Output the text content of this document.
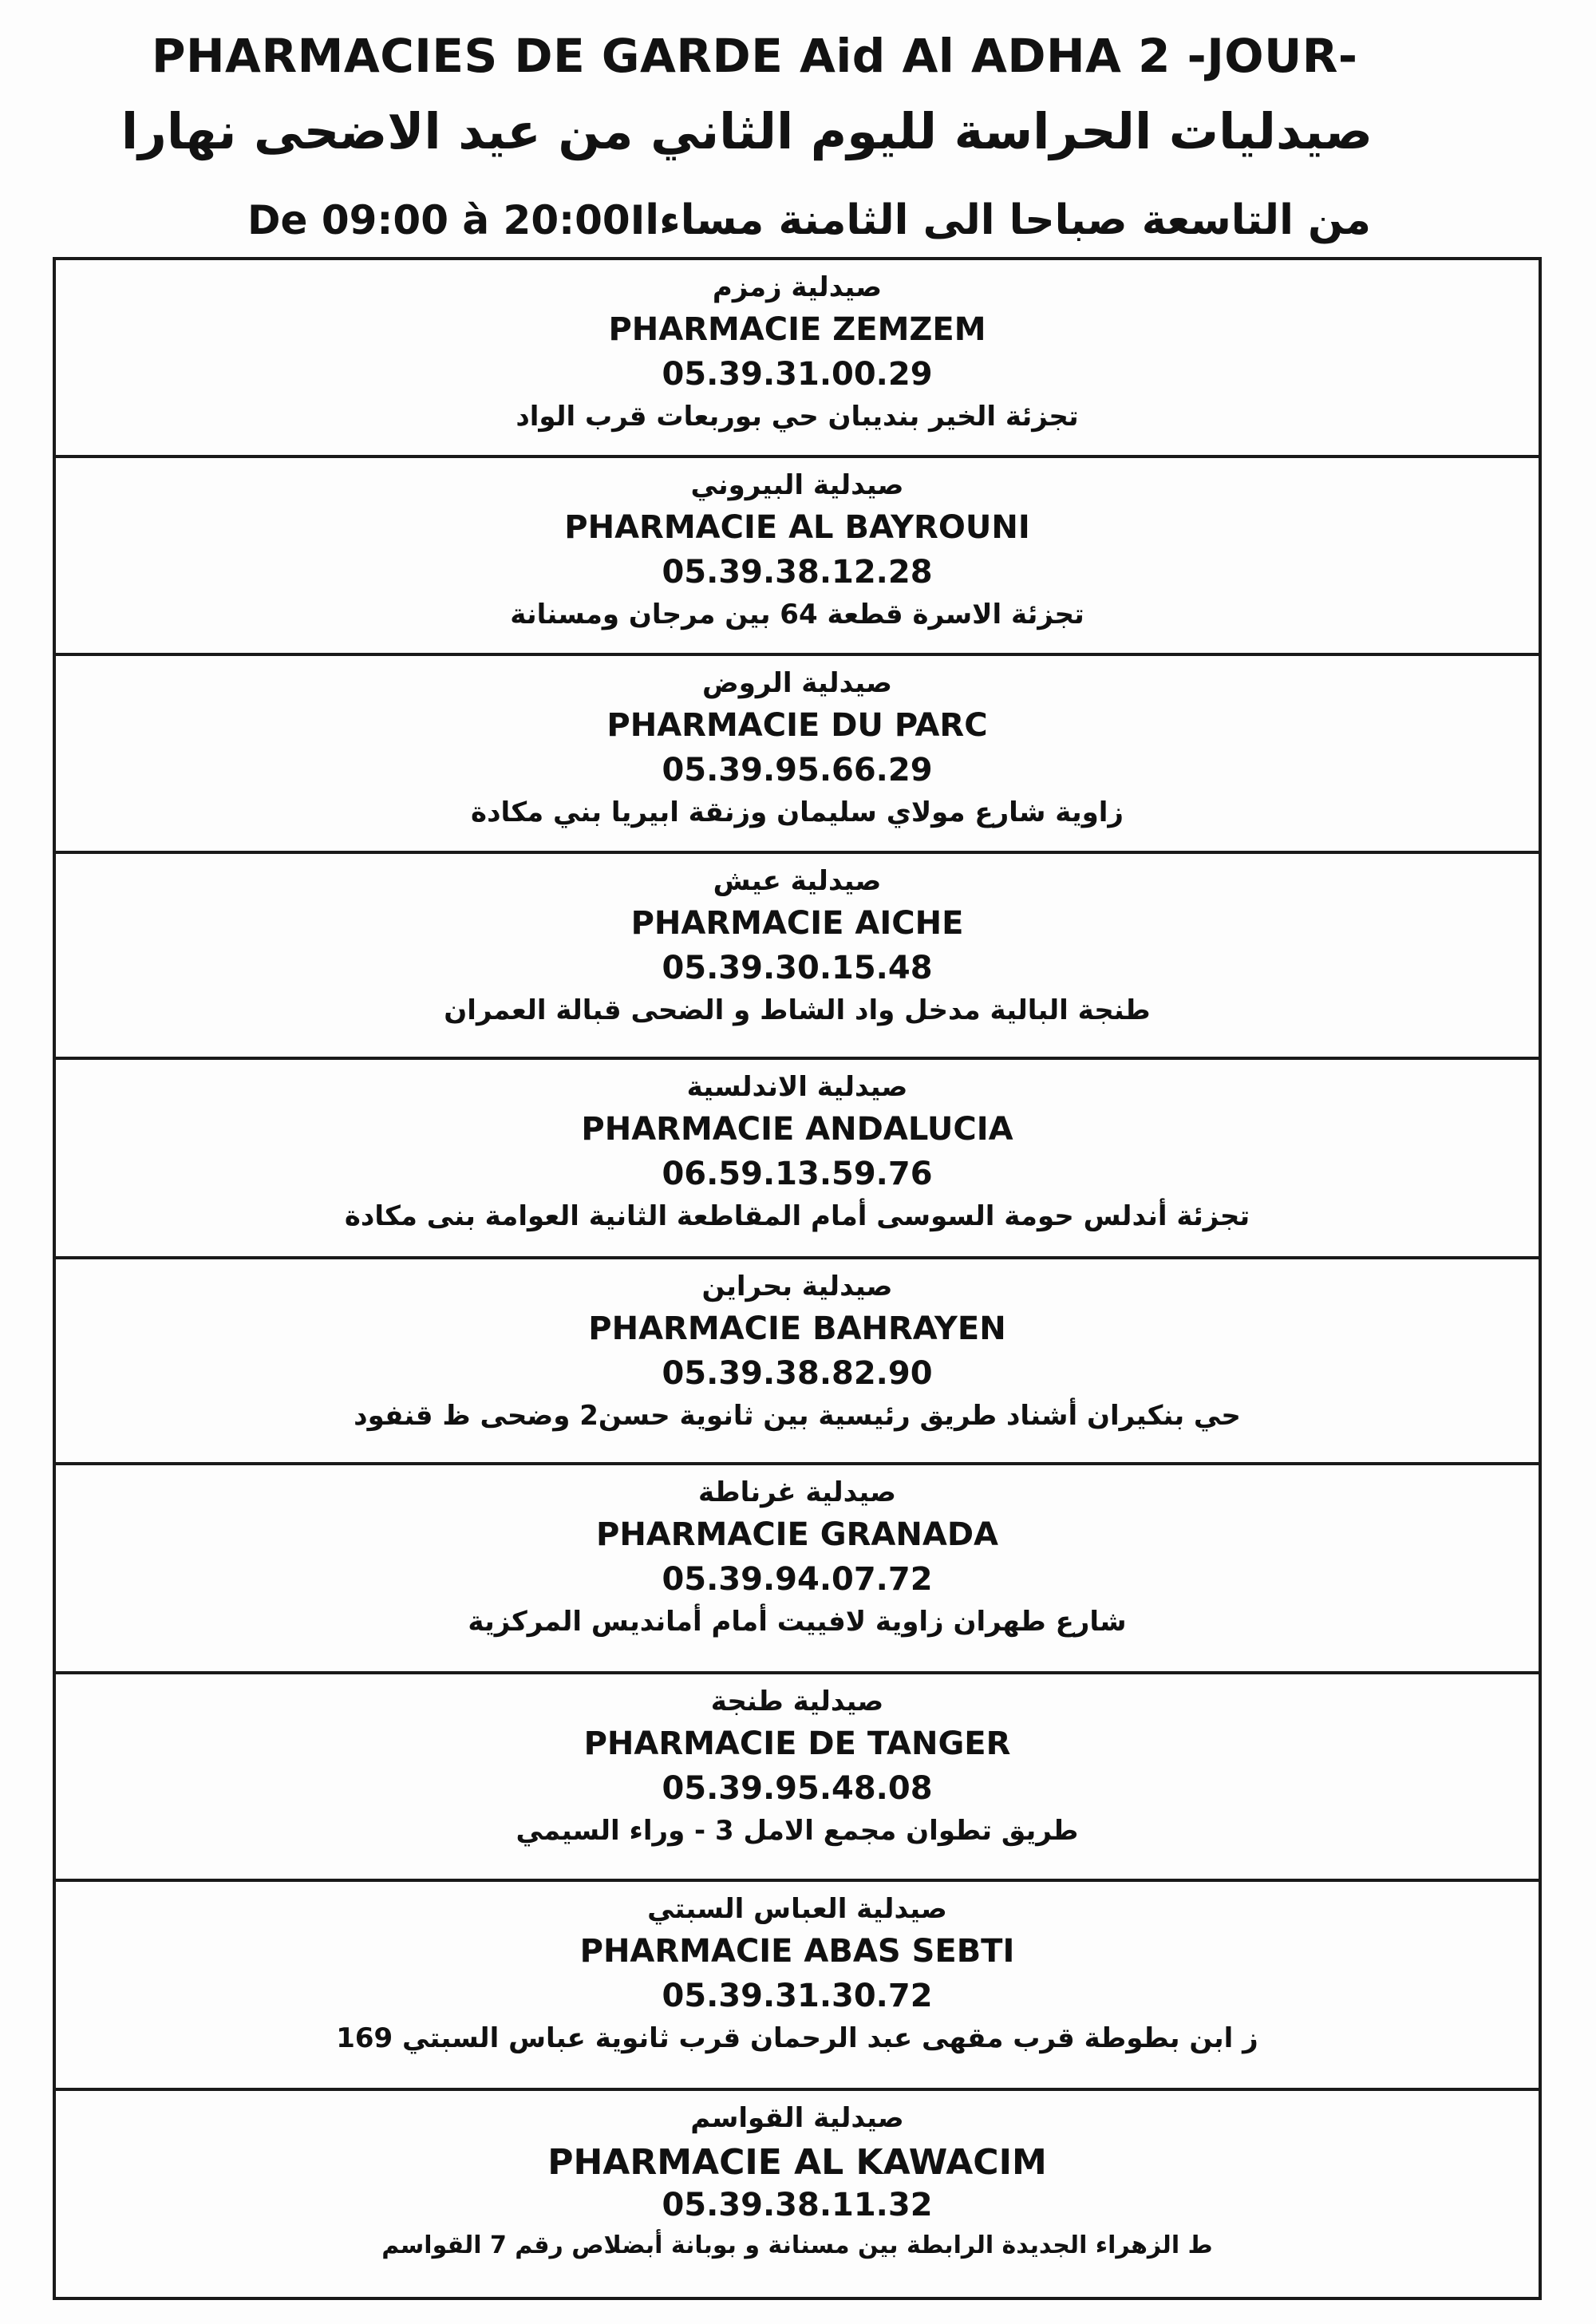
PHARMACIES DE GARDE Aid Al ADHA 2 -JOUR-
صيدليات الحراسة لليوم الثاني من عيد الاضحى نهارا
De 09:00 à 20:00 I من التاسعة صباحا الى الثامنة مساءا
صيدلية زمزم
PHARMACIE ZEMZEM
05.39.31.00.29
تجزئة الخير بنديبان حي بوربعات قرب الواد
صيدلية البيروني
PHARMACIE AL BAYROUNI
05.39.38.12.28
تجزئة الاسرة قطعة 64 بين مرجان ومسنانة
صيدلية الروض
PHARMACIE DU PARC
05.39.95.66.29
زاوية شارع مولاي سليمان وزنقة ابيريا بني مكادة
صيدلية عيش
PHARMACIE AICHE
05.39.30.15.48
طنجة البالية مدخل واد الشاط و الضحى قبالة العمران
صيدلية الاندلسية
PHARMACIE ANDALUCIA
06.59.13.59.76
تجزئة أندلس حومة السوسى أمام المقاطعة الثانية العوامة بنى مكادة
صيدلية بحراين
PHARMACIE BAHRAYEN
05.39.38.82.90
حي بنكيران أشناد طريق رئيسية بين ثانوية حسن2 وضحى ظ قنفود
صيدلية غرناطة
PHARMACIE GRANADA
05.39.94.07.72
شارع طهران زاوية لافييت أمام أمانديس المركزية
صيدلية طنجة
PHARMACIE DE TANGER
05.39.95.48.08
طريق تطوان مجمع الامل 3 - وراء السيمي
صيدلية العباس السبتي
PHARMACIE ABAS SEBTI
05.39.31.30.72
ز ابن بطوطة قرب مقهى عبد الرحمان قرب ثانوية عباس السبتي 169
صيدلية القواسم
PHARMACIE AL KAWACIM
05.39.38.11.32
ط الزهراء الجديدة الرابطة بين مسنانة و بوبانة أبضلاص رقم 7 القواسم
